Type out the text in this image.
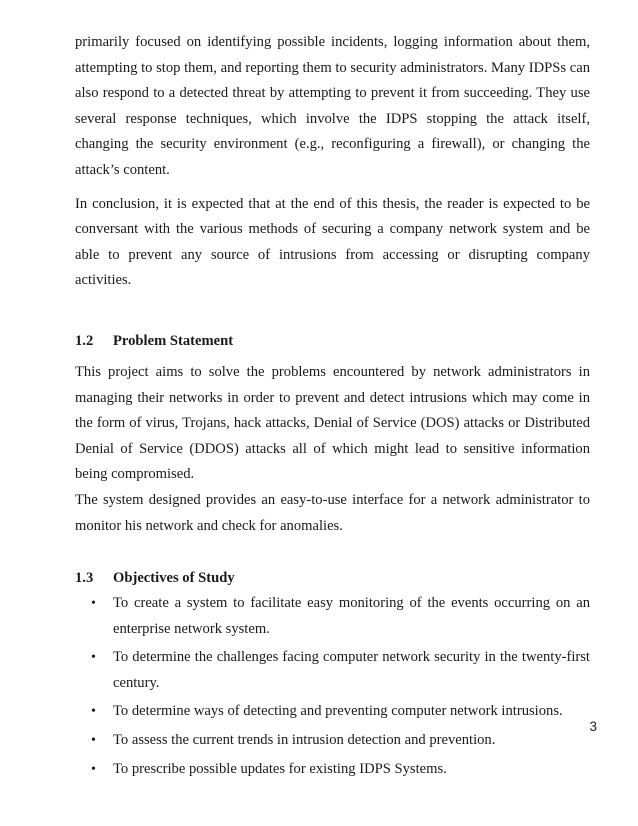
primarily focused on identifying possible incidents, logging information about them, attempting to stop them, and reporting them to security administrators. Many IDPSs can also respond to a detected threat by attempting to prevent it from succeeding. They use several response techniques, which involve the IDPS stopping the attack itself, changing the security environment (e.g., reconfiguring a firewall), or changing the attack’s content.

In conclusion, it is expected that at the end of this thesis, the reader is expected to be conversant with the various methods of securing a company network system and be able to prevent any source of intrusions from accessing or disrupting company activities.

1.2	Problem Statement

This project aims to solve the problems encountered by network administrators in managing their networks in order to prevent and detect intrusions which may come in the form of virus, Trojans, hack attacks, Denial of Service (DOS) attacks or Distributed Denial of Service (DDOS) attacks all of which might lead to sensitive information being compromised.

The system designed provides an easy-to-use interface for a network administrator to monitor his network and check for anomalies.

1.3	Objectives of Study
• To create a system to facilitate easy monitoring of the events occurring on an enterprise network system.
• To determine the challenges facing computer network security in the twenty-first century.
• To determine ways of detecting and preventing computer network intrusions.
• To assess the current trends in intrusion detection and prevention.
• To prescribe possible updates for existing IDPS Systems.
3
